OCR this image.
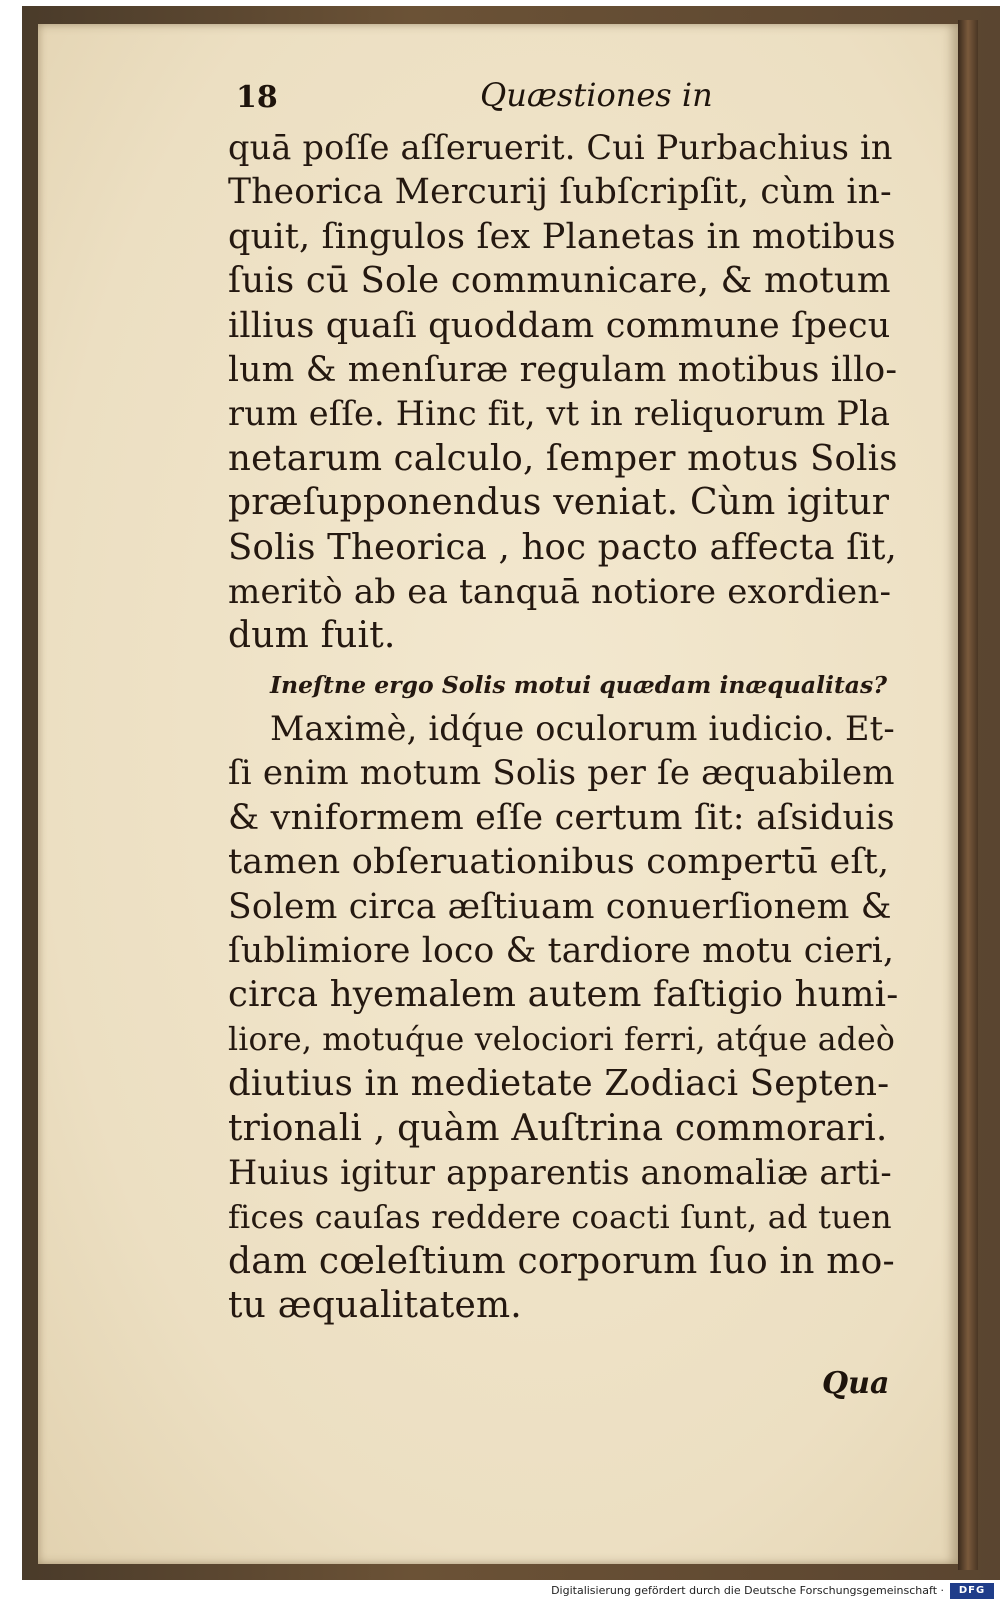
18	Quæstiones in
quā poſſe aſſeruerit. Cui Purbachius in
Theorica Mercurij ſubſcripſit, cùm in-
quit, ſingulos ſex Planetas in motibus
ſuis cū Sole communicare, & motum
illius quaſi quoddam commune ſpecu
lum & menſuræ regulam motibus illo-
rum eſſe. Hinc fit, vt in reliquorum Pla
netarum calculo, ſemper motus Solis
præſupponendus veniat. Cùm igitur
Solis Theorica , hoc pacto affecta ſit,
meritò ab ea tanquā notiore exordien-
dum fuit.
Ineſtne ergo Solis motui quædam inæqualitas?
Maximè, idq́ue oculorum iudicio. Et-
ſi enim motum Solis per ſe æquabilem
& vniformem eſſe certum ſit: aſsiduis
tamen obſeruationibus compertū eſt,
Solem circa æſtiuam conuerſionem &
ſublimiore loco & tardiore motu cieri,
circa hyemalem autem faſtigio humi-
liore, motuq́ue velociori ferri, atq́ue adeò
diutius in medietate Zodiaci Septen-
trionali , quàm Auſtrina commorari.
Huius igitur apparentis anomaliæ arti-
fices cauſas reddere coacti ſunt, ad tuen
dam cœleſtium corporum ſuo in mo-
tu æqualitatem.
Qua
Digitalisierung gefördert durch die Deutsche Forschungsgemeinschaft ·	DFG
